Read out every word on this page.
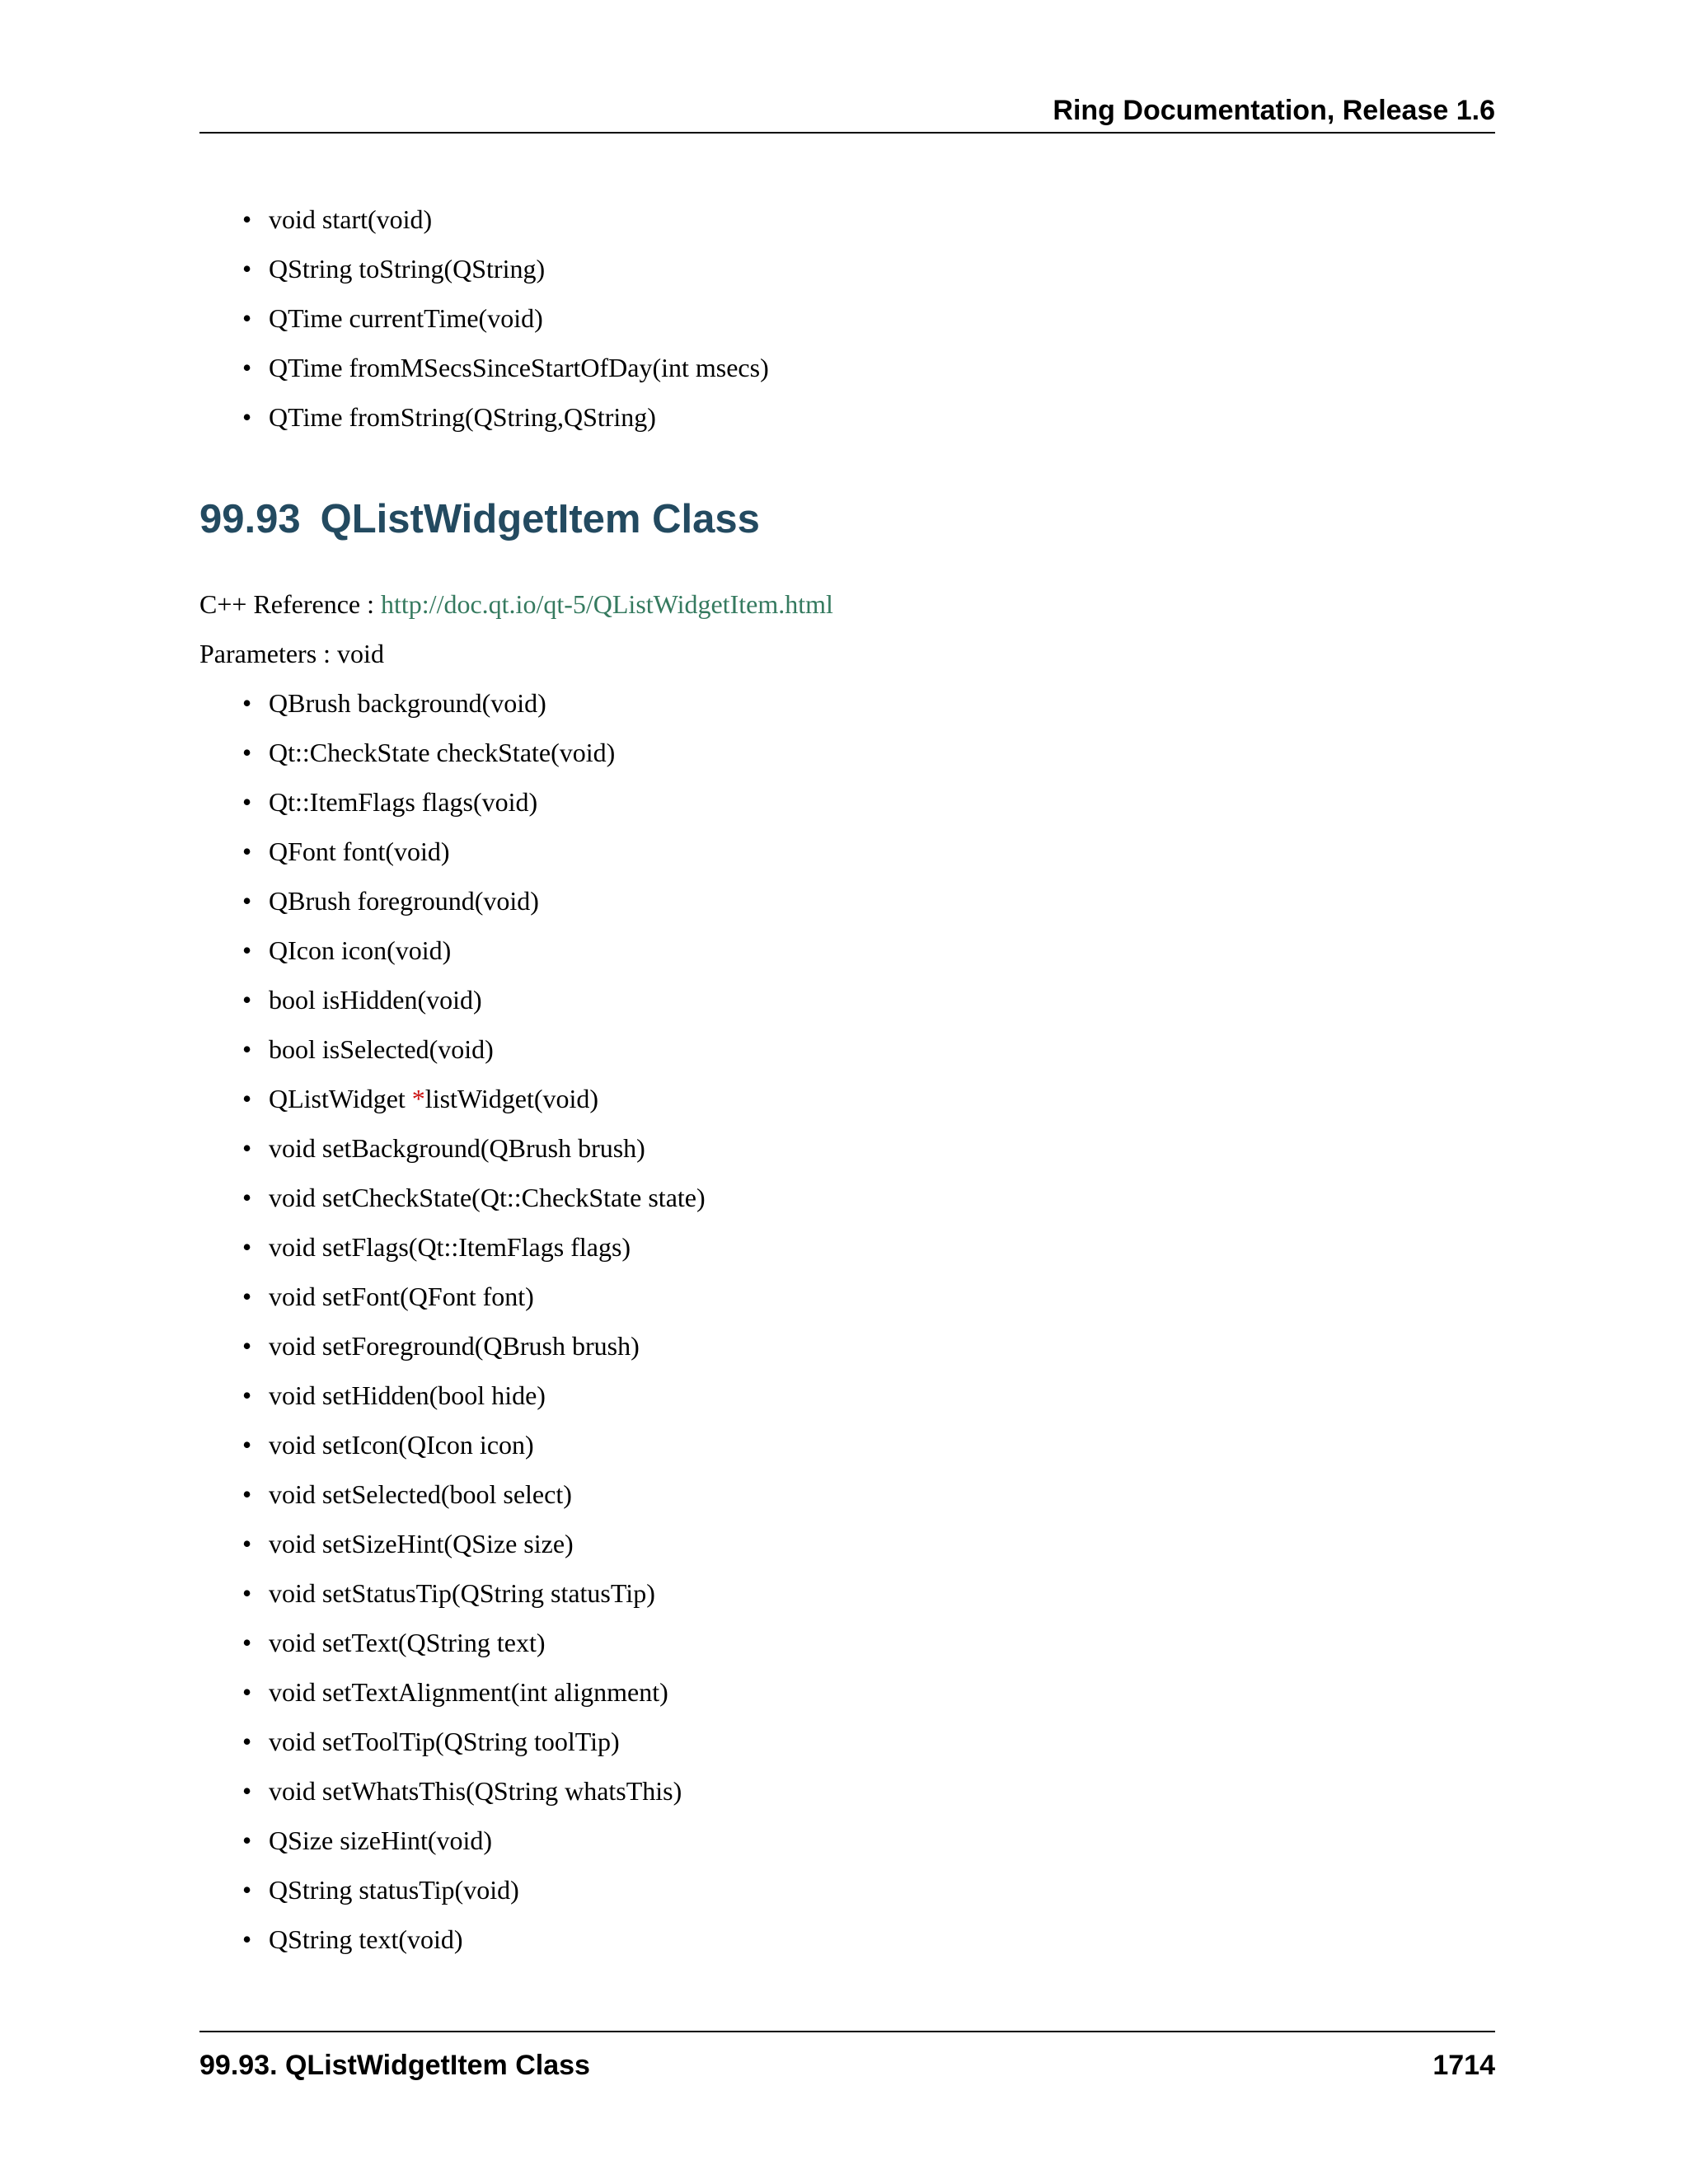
Ring Documentation, Release 1.6
• void start(void)
• QString toString(QString)
• QTime currentTime(void)
• QTime fromMSecsSinceStartOfDay(int msecs)
• QTime fromString(QString,QString)
99.93 QListWidgetItem Class
C++ Reference : http://doc.qt.io/qt-5/QListWidgetItem.html
Parameters : void
• QBrush background(void)
• Qt::CheckState checkState(void)
• Qt::ItemFlags flags(void)
• QFont font(void)
• QBrush foreground(void)
• QIcon icon(void)
• bool isHidden(void)
• bool isSelected(void)
• QListWidget *listWidget(void)
• void setBackground(QBrush brush)
• void setCheckState(Qt::CheckState state)
• void setFlags(Qt::ItemFlags flags)
• void setFont(QFont font)
• void setForeground(QBrush brush)
• void setHidden(bool hide)
• void setIcon(QIcon icon)
• void setSelected(bool select)
• void setSizeHint(QSize size)
• void setStatusTip(QString statusTip)
• void setText(QString text)
• void setTextAlignment(int alignment)
• void setToolTip(QString toolTip)
• void setWhatsThis(QString whatsThis)
• QSize sizeHint(void)
• QString statusTip(void)
• QString text(void)
99.93. QListWidgetItem Class	1714
